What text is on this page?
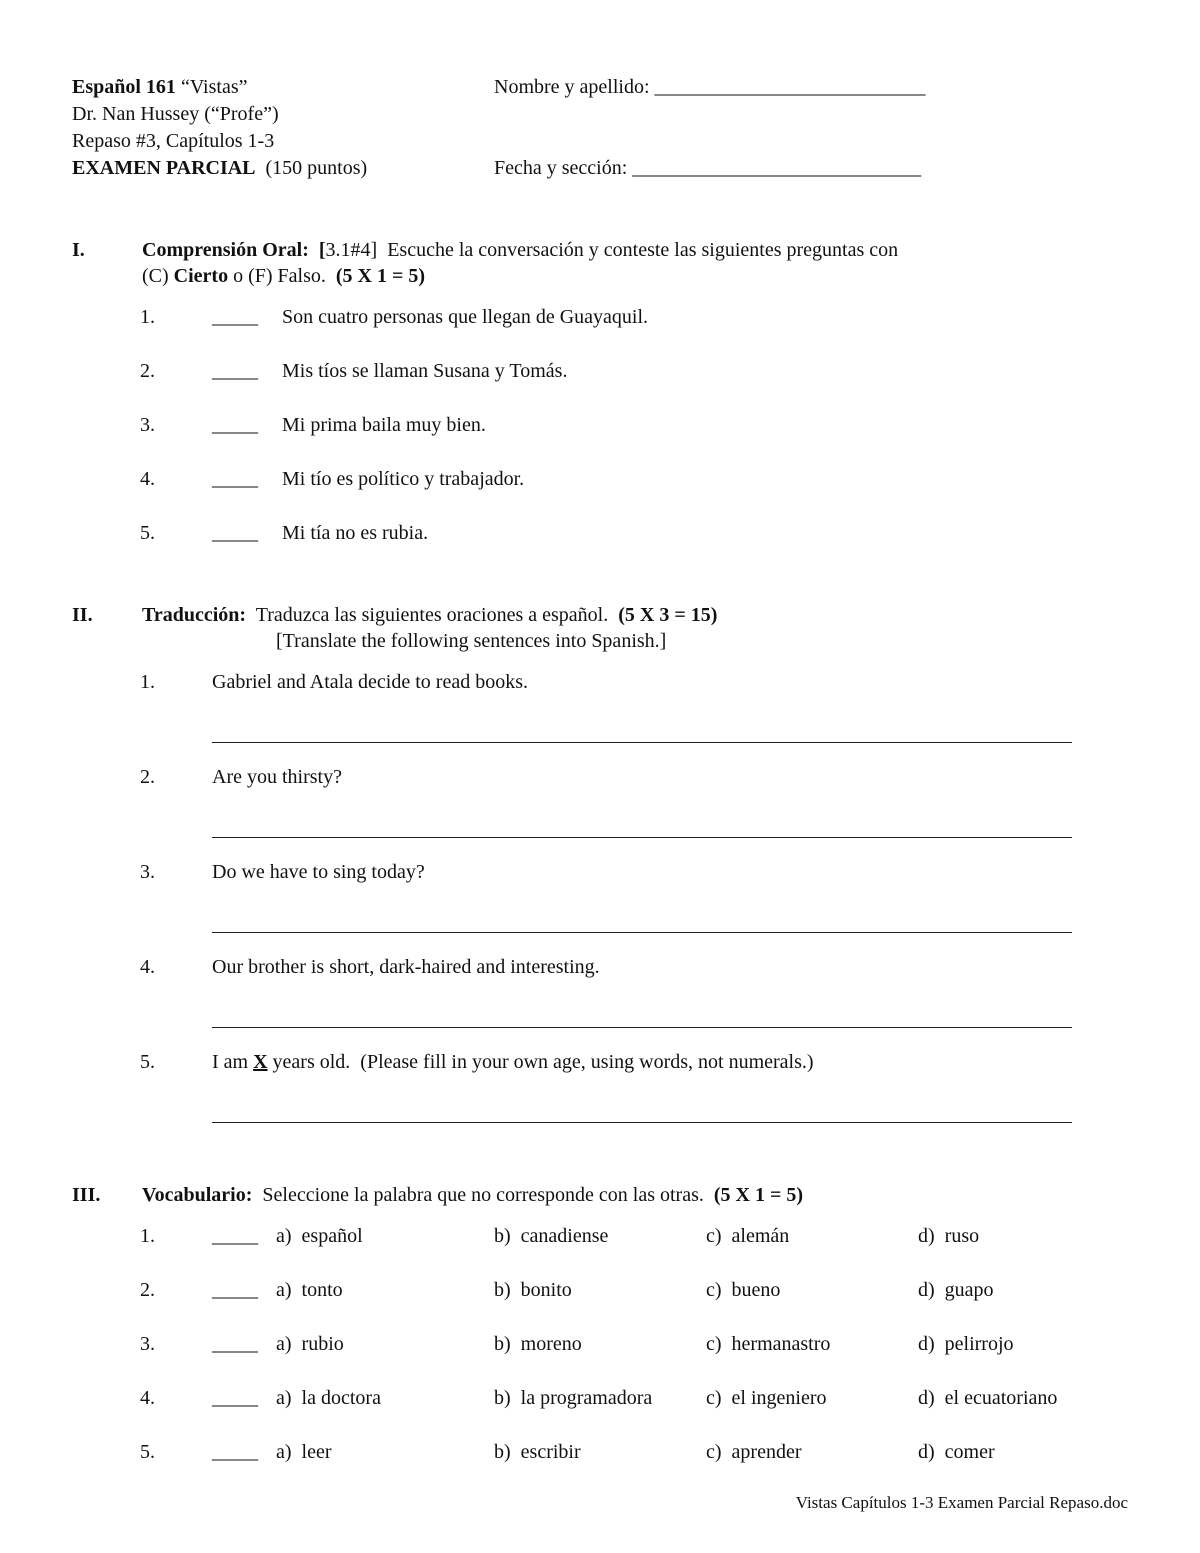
Español 161 “Vistas”
Dr. Nan Hussey (“Profe”)
Repaso #3, Capítulos 1-3
EXAMEN PARCIAL  (150 puntos)
Nombre y apellido: ______________________________
Fecha y sección: ________________________________
I.	Comprensión Oral: [3.1#4]  Escuche la conversación y conteste las siguientes preguntas con
(C) Cierto o (F) Falso.  (5 X 1 = 5)
1.	_____ Son cuatro personas que llegan de Guayaquil.
2.	_____ Mis tíos se llaman Susana y Tomás.
3.	_____ Mi prima baila muy bien.
4.	_____ Mi tío es político y trabajador.
5.	_____ Mi tía no es rubia.
II. Traducción:  Traduzca las siguientes oraciones a español.  (5 X 3 = 15)
[Translate the following sentences into Spanish.]
1.	Gabriel and Atala decide to read books.
2.	Are you thirsty?
3.	Do we have to sing today?
4.	Our brother is short, dark-haired and interesting.
5.	I am X years old.  (Please fill in your own age, using words, not numerals.)
III. Vocabulario:  Seleccione la palabra que no corresponde con las otras.  (5 X 1 = 5)
1.	_____ a)  español	b)  canadiense	c)  alemán	d)  ruso
2.	_____ a)  tonto	b)  bonito	c)  bueno	d)  guapo
3.	_____ a)  rubio	b)  moreno	c)  hermanastro	d)  pelirrojo
4.	_____ a)  la doctora	b)  la programadora	c)  el ingeniero	d)  el ecuatoriano
5.	_____ a)  leer	b)  escribir	c)  aprender	d)  comer
Vistas Capítulos 1-3 Examen Parcial Repaso.doc
